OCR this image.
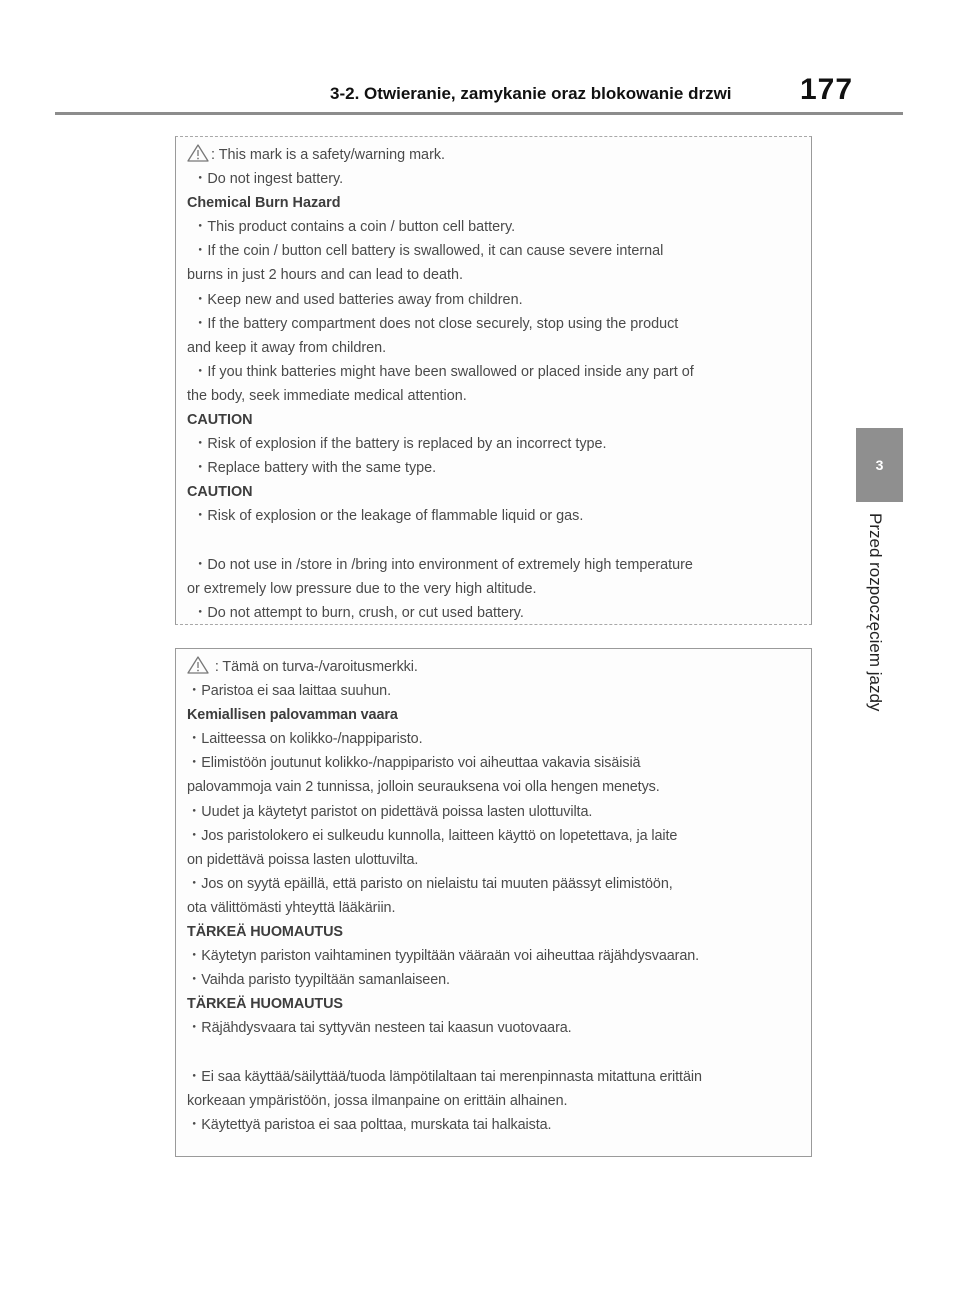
3-2. Otwieranie, zamykanie oraz blokowanie drzwi 177
3
Przed rozpoczęciem jazdy
: This mark is a safety/warning mark.
・Do not ingest battery.
Chemical Burn Hazard
・This product contains a coin / button cell battery.
・If the coin / button cell battery is swallowed, it can cause severe internal
burns in just 2 hours and can lead to death.
・Keep new and used batteries away from children.
・If the battery compartment does not close securely, stop using the product
and keep it away from children.
・If you think batteries might have been swallowed or placed inside any part of
the body, seek immediate medical attention.
CAUTION
・Risk of explosion if the battery is replaced by an incorrect type.
・Replace battery with the same type.
CAUTION
・Risk of explosion or the leakage of flammable liquid or gas.
・Do not use in /store in /bring into environment of extremely high temperature
or extremely low pressure due to the very high altitude.
・Do not attempt to burn, crush, or cut used battery.
: Tämä on turva-/varoitusmerkki.
・Paristoa ei saa laittaa suuhun.
Kemiallisen palovamman vaara
・Laitteessa on kolikko-/nappiparisto.
・Elimistöön joutunut kolikko-/nappiparisto voi aiheuttaa vakavia sisäisiä
palovammoja vain 2 tunnissa, jolloin seurauksena voi olla hengen menetys.
・Uudet ja käytetyt paristot on pidettävä poissa lasten ulottuvilta.
・Jos paristolokero ei sulkeudu kunnolla, laitteen käyttö on lopetettava, ja laite
on pidettävä poissa lasten ulottuvilta.
・Jos on syytä epäillä, että paristo on nielaistu tai muuten päässyt elimistöön,
ota välittömästi yhteyttä lääkäriin.
TÄRKEÄ HUOMAUTUS
・Käytetyn pariston vaihtaminen tyypiltään vääraän voi aiheuttaa räjähdysvaaran.
・Vaihda paristo tyypiltään samanlaiseen.
TÄRKEÄ HUOMAUTUS
・Räjähdysvaara tai syttyvän nesteen tai kaasun vuotovaara.
・Ei saa käyttää/säilyttää/tuoda lämpötilaltaan tai merenpinnasta mitattuna erittäin
korkeaan ympäristöön, jossa ilmanpaine on erittäin alhainen.
・Käytettyä paristoa ei saa polttaa, murskata tai halkaista.
